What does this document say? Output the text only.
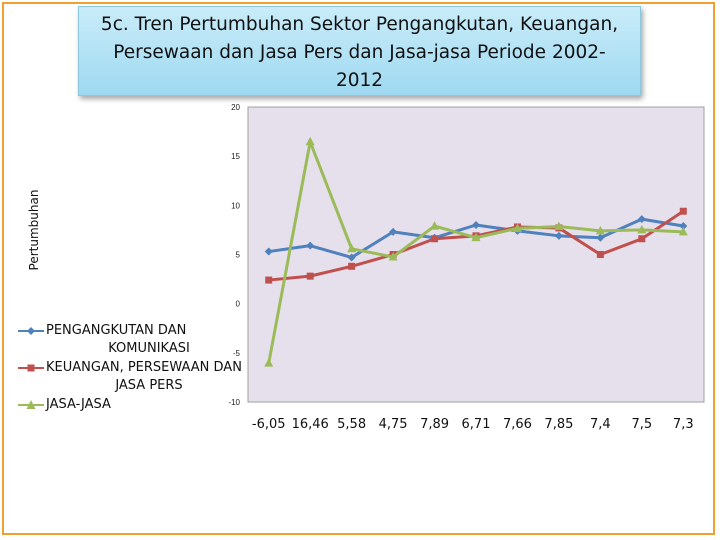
5c. Tren Pertumbuhan Sektor Pengangkutan, Keuangan,
Persewaan dan Jasa Pers dan Jasa-jasa Periode 2002-
2012
Pertumbuhan
20
15
10
5
0
-5
-10
-6,05 16,46 5,58 4,75 7,89 6,71 7,66 7,85 7,4 7,5 7,3
PENGANGKUTAN DAN
KOMUNIKASI
KEUANGAN, PERSEWAAN DAN
JASA PERS
JASA-JASA
